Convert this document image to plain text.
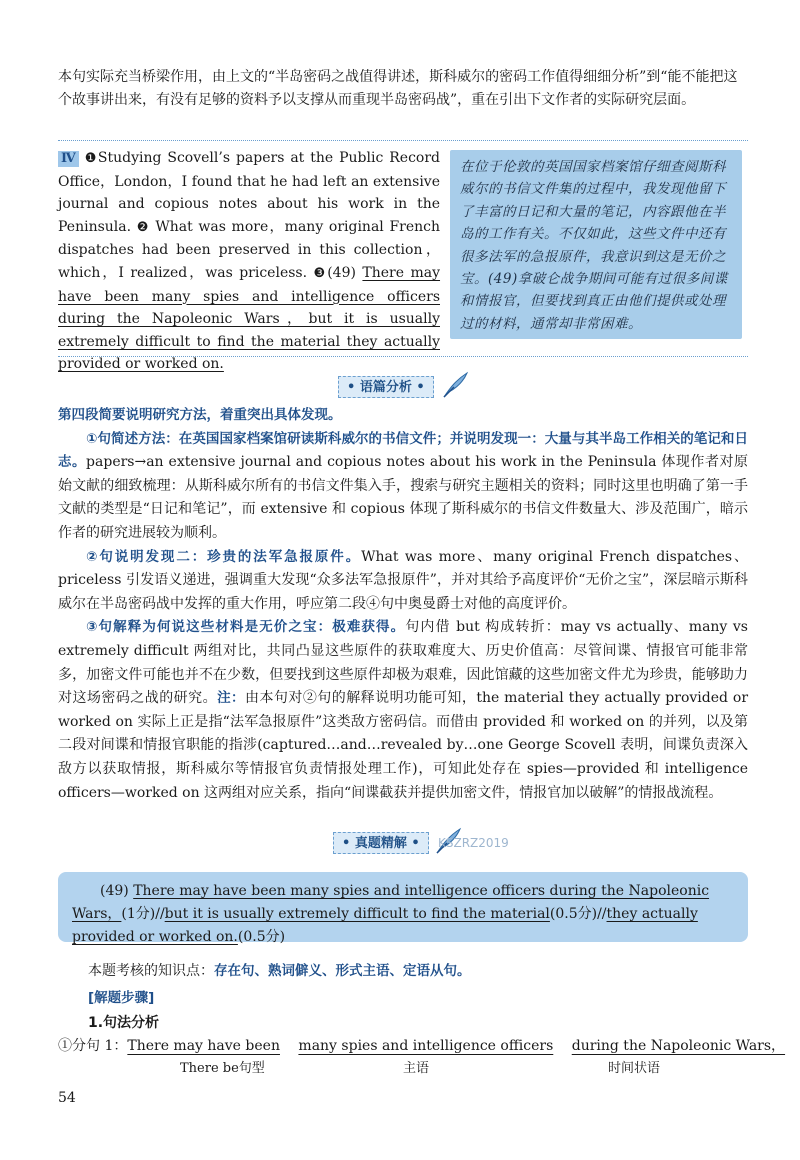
本句实际充当桥梁作用，由上文的“半岛密码之战值得讲述，斯科威尔的密码工作值得细细分析”到“能不能把这个故事讲出来，有没有足够的资料予以支撑从而重现半岛密码战”，重在引出下文作者的实际研究层面。
Ⅳ ❶Studying Scovell’s papers at the Public Record Office，London，I found that he had left an extensive journal and copious notes about his work in the Peninsula. ❷ What was more，many original French dispatches had been preserved in this collection，which，I realized，was priceless. ❸(49) There may have been many spies and intelligence officers during the Napoleonic Wars，but it is usually extremely difficult to find the material they actually provided or worked on.

在位于伦敦的英国国家档案馆仔细查阅斯科威尔的书信文件集的过程中，我发现他留下了丰富的日记和大量的笔记，内容跟他在半岛的工作有关。不仅如此，这些文件中还有很多法军的急报原件，我意识到这是无价之宝。(49)拿破仑战争期间可能有过很多间谍和情报官，但要找到真正由他们提供或处理过的材料，通常却非常困难。

• 语篇分析 •

第四段简要说明研究方法，着重突出具体发现。

①句简述方法：在英国国家档案馆研读斯科威尔的书信文件；并说明发现一：大量与其半岛工作相关的笔记和日志。papers→an extensive journal and copious notes about his work in the Peninsula 体现作者对原始文献的细致梳理：从斯科威尔所有的书信文件集入手，搜索与研究主题相关的资料；同时这里也明确了第一手文献的类型是“日记和笔记”，而 extensive 和 copious 体现了斯科威尔的书信文件数量大、涉及范围广，暗示作者的研究进展较为顺利。

②句说明发现二：珍贵的法军急报原件。What was more、many original French dispatches、priceless 引发语义递进，强调重大发现“众多法军急报原件”，并对其给予高度评价“无价之宝”，深层暗示斯科威尔在半岛密码战中发挥的重大作用，呼应第二段④句中奥曼爵士对他的高度评价。

③句解释为何说这些材料是无价之宝：极难获得。句内借 but 构成转折：may vs actually、many vs extremely difficult 两组对比，共同凸显这些原件的获取难度大、历史价值高：尽管间谍、情报官可能非常多，加密文件可能也并不在少数，但要找到这些原件却极为艰难，因此馆藏的这些加密文件尤为珍贵，能够助力对这场密码之战的研究。注：由本句对②句的解释说明功能可知，the material they actually provided or worked on 实际上正是指“法军急报原件”这类敌方密码信。而借由 provided 和 worked on 的并列，以及第二段对间谍和情报官职能的指涉(captured…and…revealed by…one George Scovell 表明，间谍负责深入敌方以获取情报，斯科威尔等情报官负责情报处理工作)，可知此处存在 spies—provided 和 intelligence officers—worked on 这两组对应关系，指向“间谍截获并提供加密文件，情报官加以破解”的情报战流程。

• 真题精解 •	KSZRZ2019

(49) There may have been many spies and intelligence officers during the Napoleonic Wars，(1分)//but it is usually extremely difficult to find the material(0.5分)//they actually provided or worked on.(0.5分)

本题考核的知识点：存在句、熟词僻义、形式主语、定语从句。
[解题步骤]
1.句法分析
①分句 1：There may have been many spies and intelligence officers during the Napoleonic Wars，
There be句型	主语	时间状语
54
